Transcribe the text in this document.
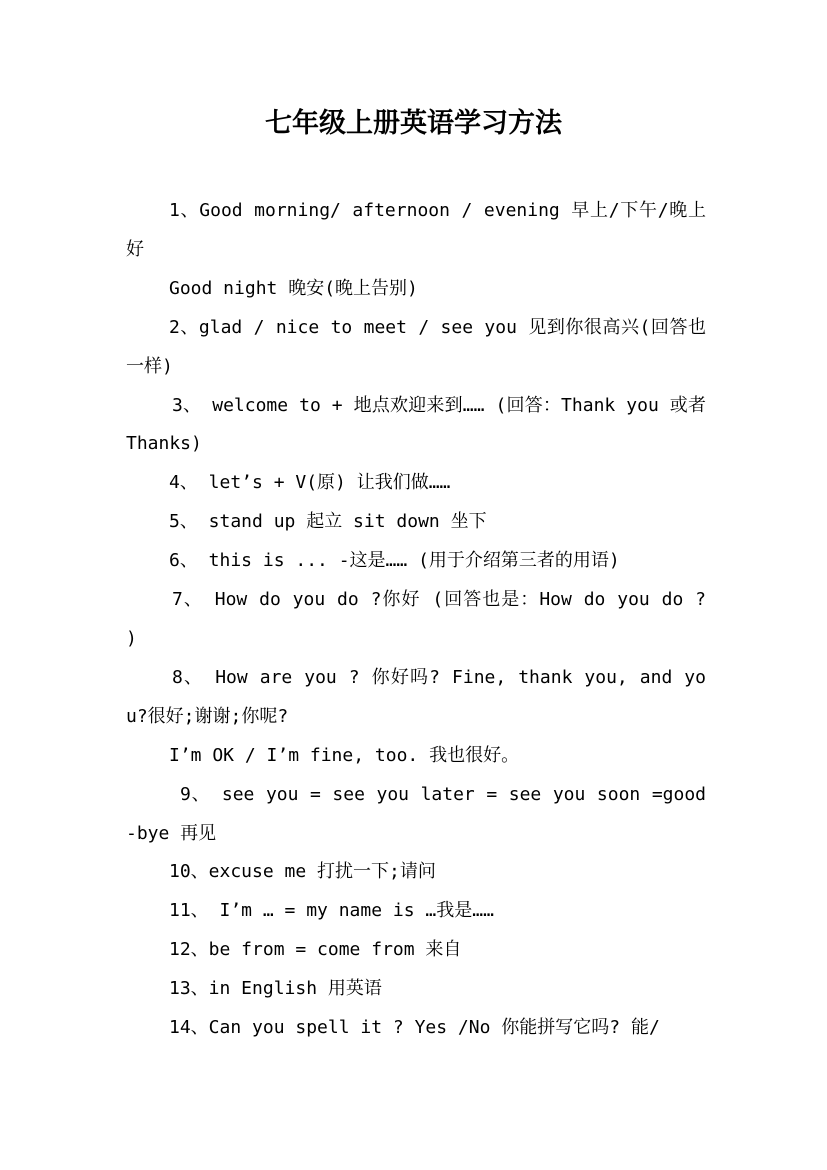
七年级上册英语学习方法

1、Good morning/ afternoon / evening 早上/下午/晚上好

Good night 晚安(晚上告别)

2、glad / nice to meet / see you 见到你很高兴(回答也一样)

3、 welcome to + 地点欢迎来到…… (回答：Thank you 或者 Thanks)

4、 let’s + V(原) 让我们做……

5、 stand up 起立 sit down 坐下

6、 this is ... -这是…… (用于介绍第三者的用语)

7、 How do you do ?你好 (回答也是：How do you do ? )

8、 How are you ? 你好吗? Fine, thank you, and you?很好;谢谢;你呢?

I’m OK / I’m fine, too. 我也很好。

9、 see you = see you later = see you soon =good-bye 再见

10、excuse me 打扰一下;请问

11、 I’m … = my name is …我是……

12、be from = come from 来自

13、in English 用英语

14、Can you spell it ? Yes /No 你能拼写它吗? 能/
